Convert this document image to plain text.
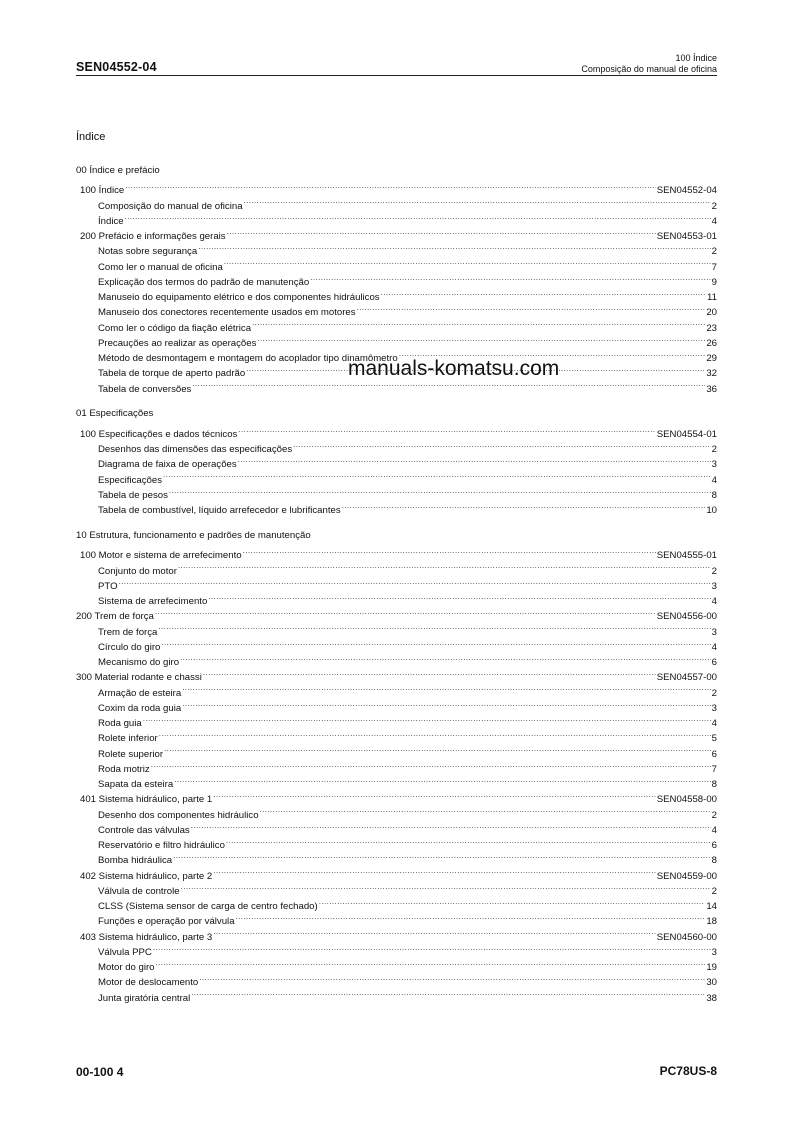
SEN04552-04
100 Índice
Composição do manual de oficina
Índice
00 Índice e prefácio
100 Índice .....	SEN04552-04
Composição do manual de oficina .....	2
Índice .....	4
200 Prefácio e informações gerais .....	SEN04553-01
Notas sobre segurança .....	2
Como ler o manual de oficina .....	7
Explicação dos termos do padrão de manutenção .....	9
Manuseio do equipamento elétrico e dos componentes hidráulicos .....	11
Manuseio dos conectores recentemente usados em motores .....	20
Como ler o código da fiação elétrica .....	23
Precauções ao realizar as operações .....	26
Método de desmontagem e montagem do acoplador tipo dinamômetro .....	29
Tabela de torque de aperto padrão .....	32
Tabela de conversões .....	36
01 Especificações
100 Especificações e dados técnicos .....	SEN04554-01
Desenhos das dimensões das especificações .....	2
Diagrama de faixa de operações .....	3
Especificações .....	4
Tabela de pesos .....	8
Tabela de combustível, líquido arrefecedor e lubrificantes .....	10
10 Estrutura, funcionamento e padrões de manutenção
100 Motor e sistema de arrefecimento .....	SEN04555-01
Conjunto do motor .....	2
PTO .....	3
Sistema de arrefecimento .....	4
200 Trem de força .....	SEN04556-00
Trem de força .....	3
Círculo do giro .....	4
Mecanismo do giro .....	6
300 Material rodante e chassi .....	SEN04557-00
Armação de esteira .....	2
Coxim da roda guia .....	3
Roda guia .....	4
Rolete inferior .....	5
Rolete superior .....	6
Roda motriz .....	7
Sapata da esteira .....	8
401 Sistema hidráulico, parte 1 .....	SEN04558-00
Desenho dos componentes hidráulico .....	2
Controle das válvulas .....	4
Reservatório e filtro hidráulico .....	6
Bomba hidráulica .....	8
402 Sistema hidráulico, parte 2 .....	SEN04559-00
Válvula de controle .....	2
CLSS (Sistema sensor de carga de centro fechado) .....	14
Funções e operação por válvula .....	18
403 Sistema hidráulico, parte 3 .....	SEN04560-00
Válvula PPC .....	3
Motor do giro .....	19
Motor de deslocamento .....	30
Junta giratória central .....	38
manuals-komatsu.com
00-100 4	PC78US-8
